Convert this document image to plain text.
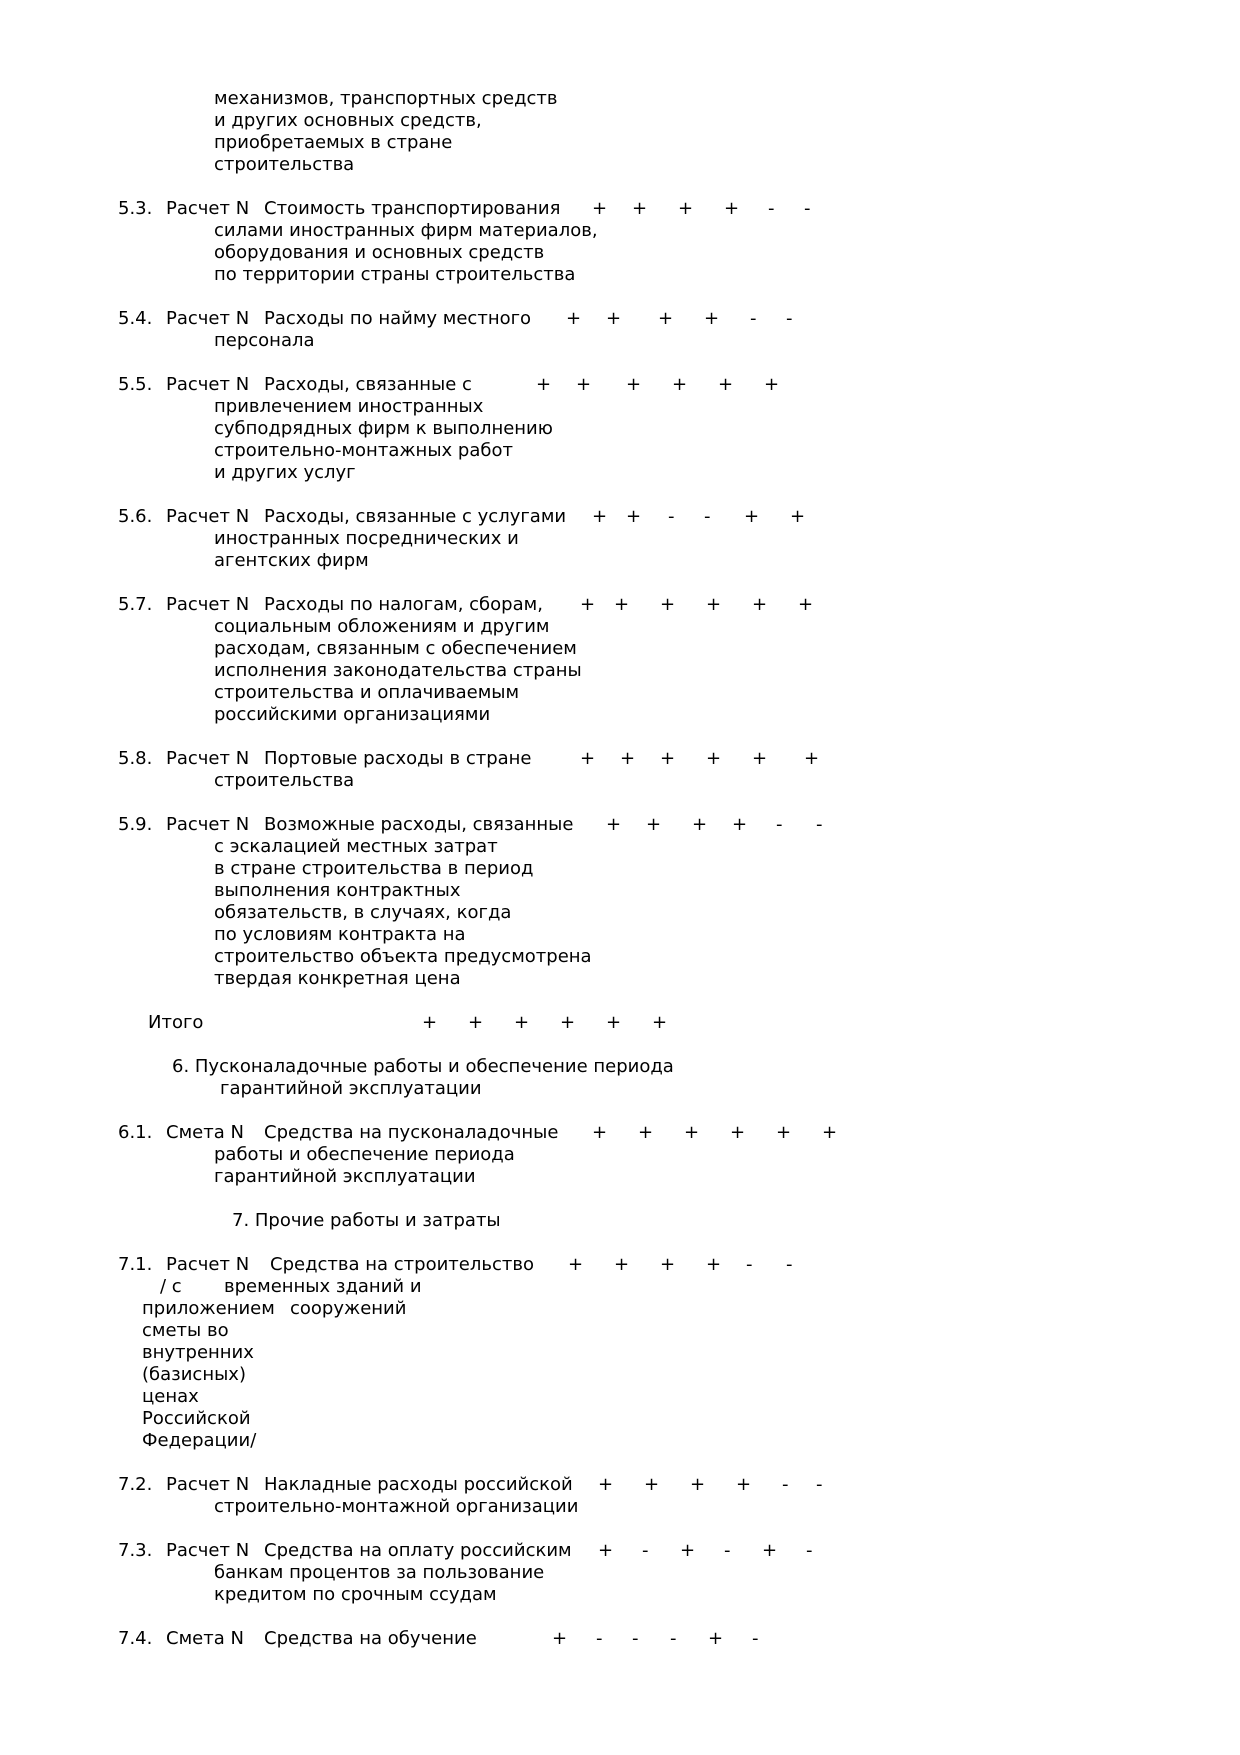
механизмов, транспортных средств
и других основных средств,
приобретаемых в стране
строительства
5.3. Расчет N Стоимость транспортирования + + + + - -
силами иностранных фирм материалов,
оборудования и основных средств
по территории страны строительства
5.4. Расчет N Расходы по найму местного + + + + - -
персонала
5.5. Расчет N Расходы, связанные с	+ + + + + +
привлечением иностранных
субподрядных фирм к выполнению
строительно-монтажных работ
и других услуг
5.6. Расчет N Расходы, связанные с услугами + + - - + +
иностранных посреднических и
агентских фирм
5.7. Расчет N Расходы по налогам, сборам, + + + + + +
социальным обложениям и другим
расходам, связанным с обеспечением
исполнения законодательства страны
строительства и оплачиваемым
российскими организациями
5.8. Расчет N Портовые расходы в стране	+ + + + + +
строительства
5.9. Расчет N Возможные расходы, связанные + + + + - -
с эскалацией местных затрат
в стране строительства в период
выполнения контрактных
обязательств, в случаях, когда
по условиям контракта на
строительство объекта предусмотрена
твердая конкретная цена
Итого	+ + + + + +
6. Пусконаладочные работы и обеспечение периода
гарантийной эксплуатации
6.1. Смета N Средства на пусконаладочные + + + + + +
работы и обеспечение периода
гарантийной эксплуатации
7. Прочие работы и затраты
7.1. Расчет N Средства на строительство + + + + - -
/ с временных зданий и
приложением сооружений
сметы во
внутренних
(базисных)
ценах
Российской
Федерации/
7.2. Расчет N Накладные расходы российской + + + + - -
строительно-монтажной организации
7.3. Расчет N Средства на оплату российским + - + - + -
банкам процентов за пользование
кредитом по срочным ссудам
7.4. Смета N Средства на обучение	+ - - - + -
